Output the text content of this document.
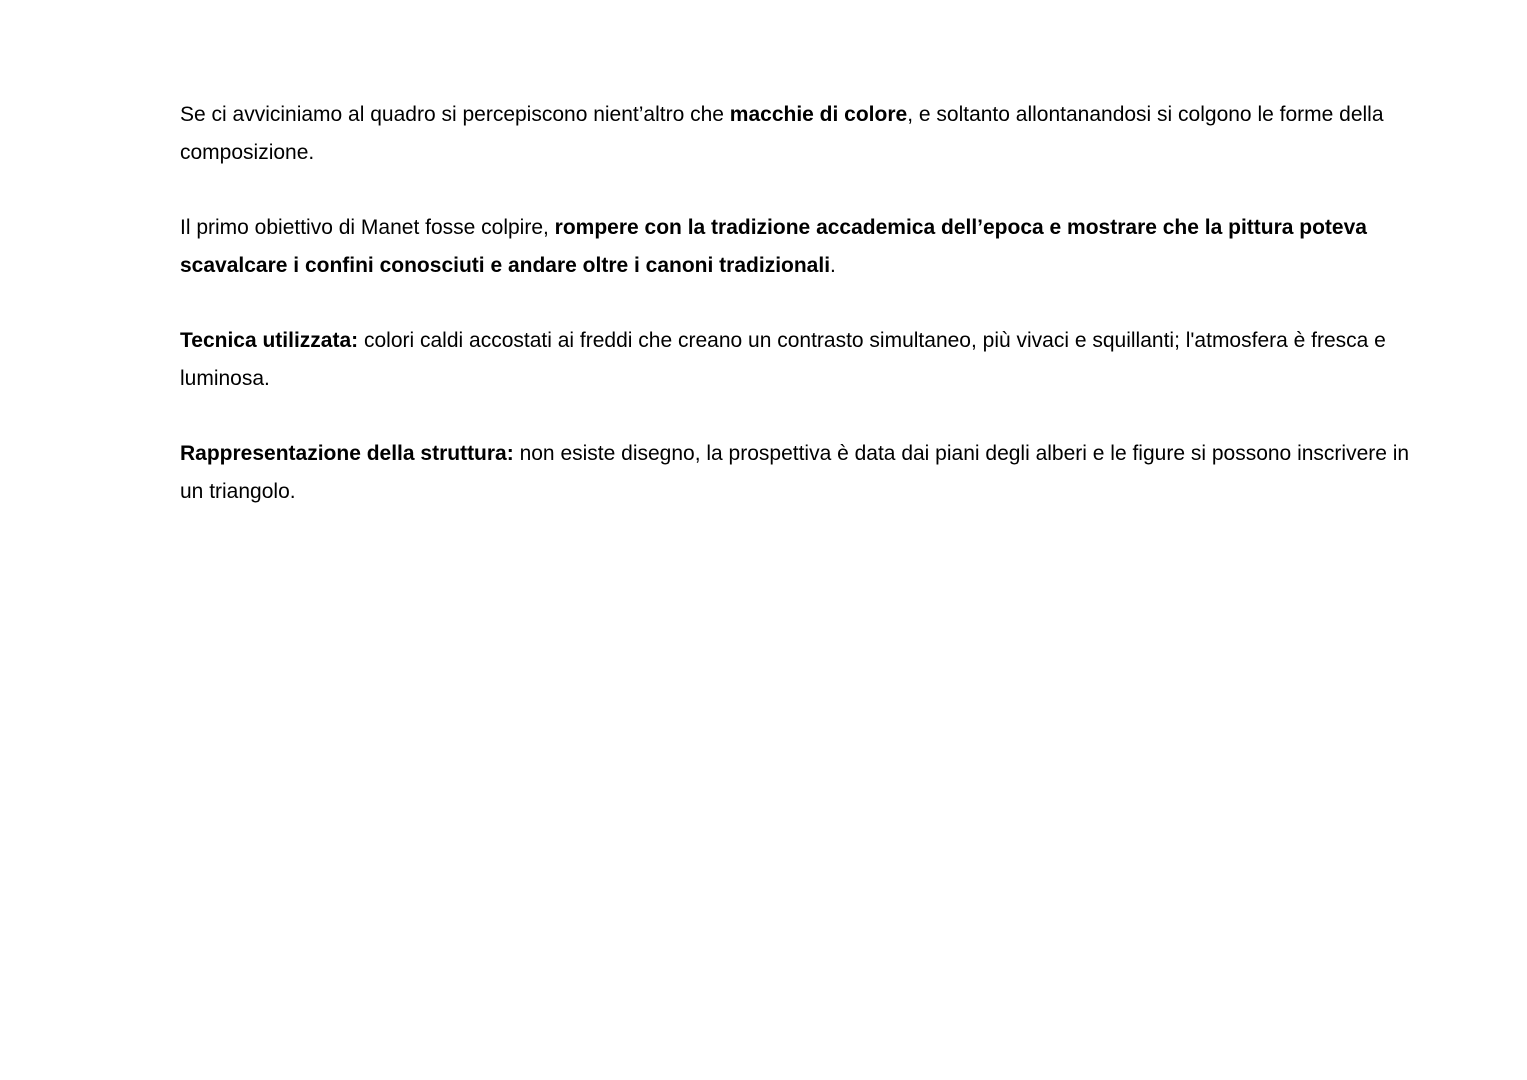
Se ci avviciniamo al quadro si percepiscono nient’altro che macchie di colore, e soltanto allontanandosi si colgono le forme della composizione.

Il primo obiettivo di Manet fosse colpire, rompere con la tradizione accademica dell’epoca e mostrare che la pittura poteva scavalcare i confini conosciuti e andare oltre i canoni tradizionali.

Tecnica utilizzata: colori caldi accostati ai freddi che creano un contrasto simultaneo, più vivaci e squillanti; l'atmosfera è fresca e luminosa.

Rappresentazione della struttura: non esiste disegno, la prospettiva è data dai piani degli alberi e le figure si possono inscrivere in un triangolo.
